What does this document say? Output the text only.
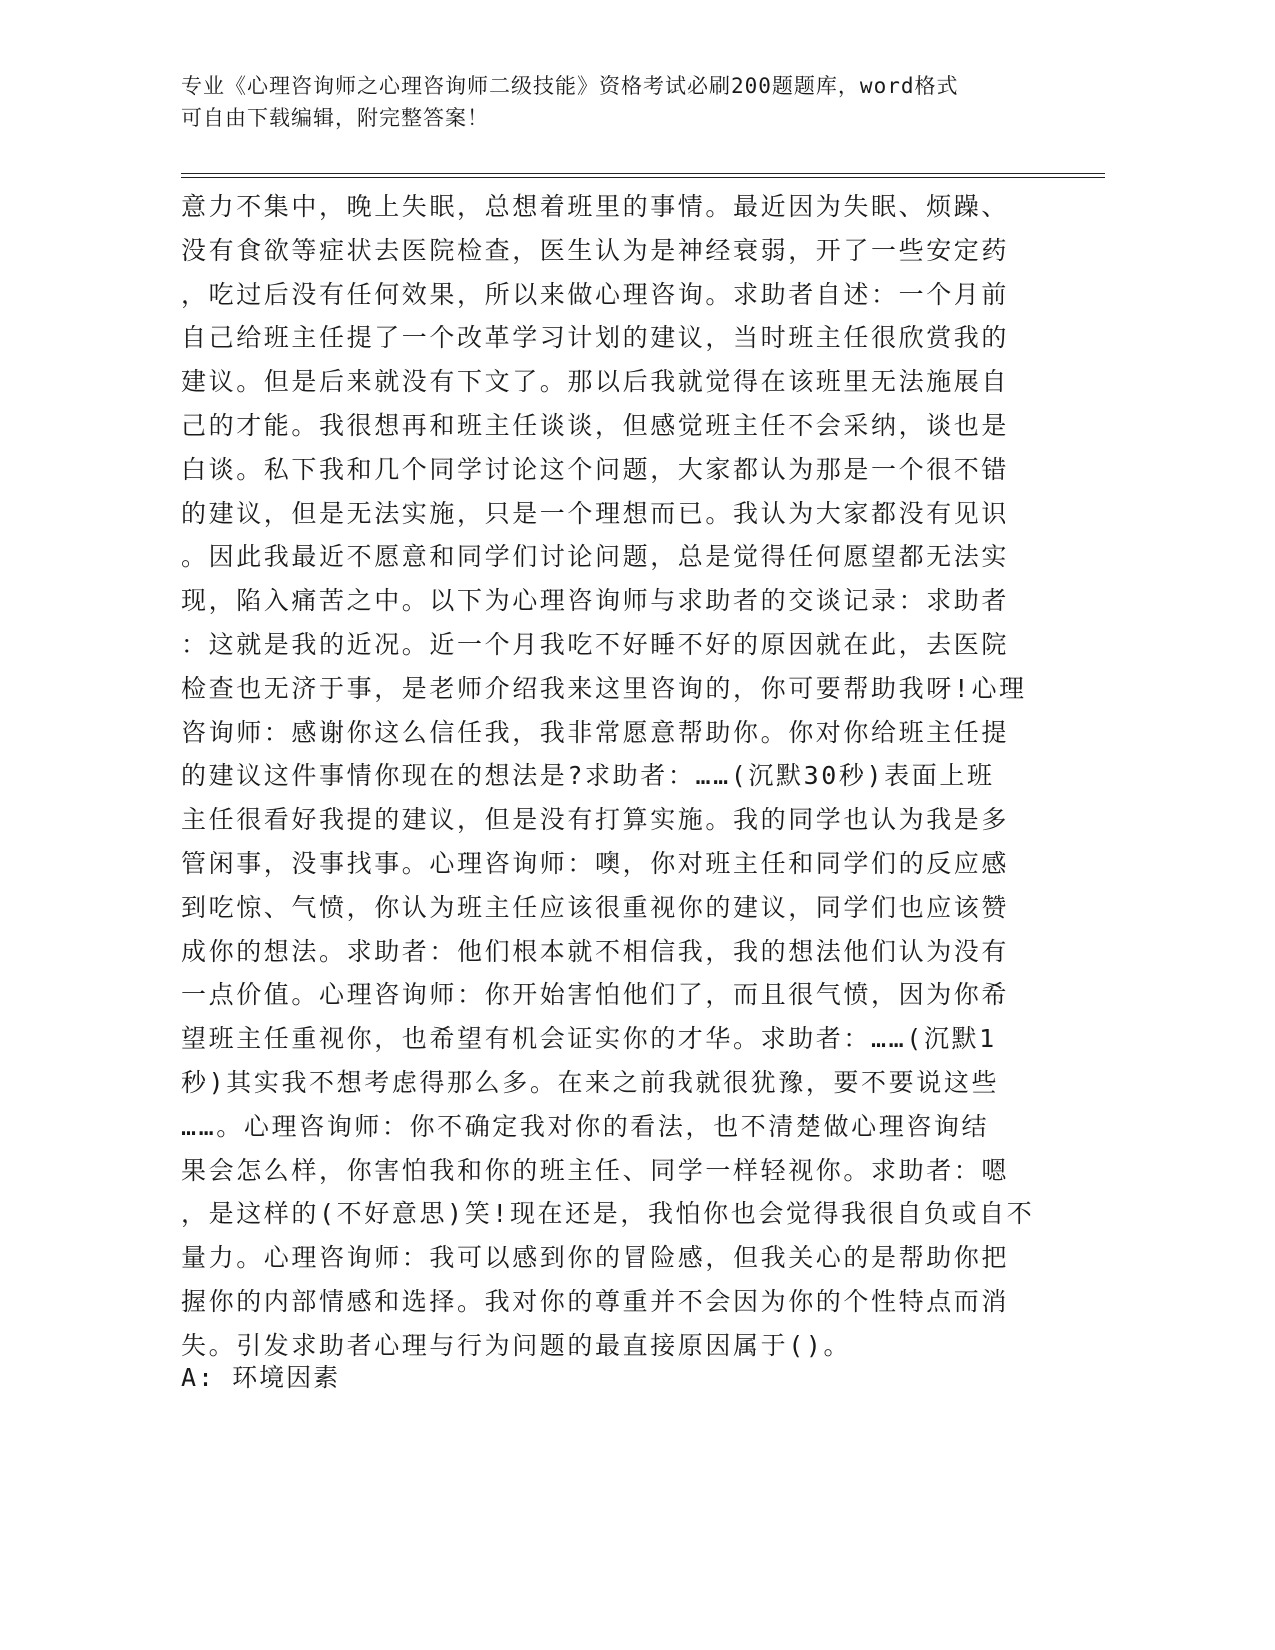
专业《心理咨询师之心理咨询师二级技能》资格考试必刷200题题库，word格式
可自由下载编辑，附完整答案！
意力不集中，晚上失眠，总想着班里的事情。最近因为失眠、烦躁、
没有食欲等症状去医院检查，医生认为是神经衰弱，开了一些安定药
，吃过后没有任何效果，所以来做心理咨询。求助者自述：一个月前
自己给班主任提了一个改革学习计划的建议，当时班主任很欣赏我的
建议。但是后来就没有下文了。那以后我就觉得在该班里无法施展自
己的才能。我很想再和班主任谈谈，但感觉班主任不会采纳，谈也是
白谈。私下我和几个同学讨论这个问题，大家都认为那是一个很不错
的建议，但是无法实施，只是一个理想而已。我认为大家都没有见识
。因此我最近不愿意和同学们讨论问题，总是觉得任何愿望都无法实
现，陷入痛苦之中。以下为心理咨询师与求助者的交谈记录：求助者
：这就是我的近况。近一个月我吃不好睡不好的原因就在此，去医院
检查也无济于事，是老师介绍我来这里咨询的，你可要帮助我呀!心理
咨询师：感谢你这么信任我，我非常愿意帮助你。你对你给班主任提
的建议这件事情你现在的想法是?求助者：……(沉默30秒)表面上班
主任很看好我提的建议，但是没有打算实施。我的同学也认为我是多
管闲事，没事找事。心理咨询师：噢，你对班主任和同学们的反应感
到吃惊、气愤，你认为班主任应该很重视你的建议，同学们也应该赞
成你的想法。求助者：他们根本就不相信我，我的想法他们认为没有
一点价值。心理咨询师：你开始害怕他们了，而且很气愤，因为你希
望班主任重视你，也希望有机会证实你的才华。求助者：……(沉默1
秒)其实我不想考虑得那么多。在来之前我就很犹豫，要不要说这些
……。心理咨询师：你不确定我对你的看法，也不清楚做心理咨询结
果会怎么样，你害怕我和你的班主任、同学一样轻视你。求助者：嗯
，是这样的(不好意思)笑!现在还是，我怕你也会觉得我很自负或自不
量力。心理咨询师：我可以感到你的冒险感，但我关心的是帮助你把
握你的内部情感和选择。我对你的尊重并不会因为你的个性特点而消
失。引发求助者心理与行为问题的最直接原因属于()。
A: 环境因素
